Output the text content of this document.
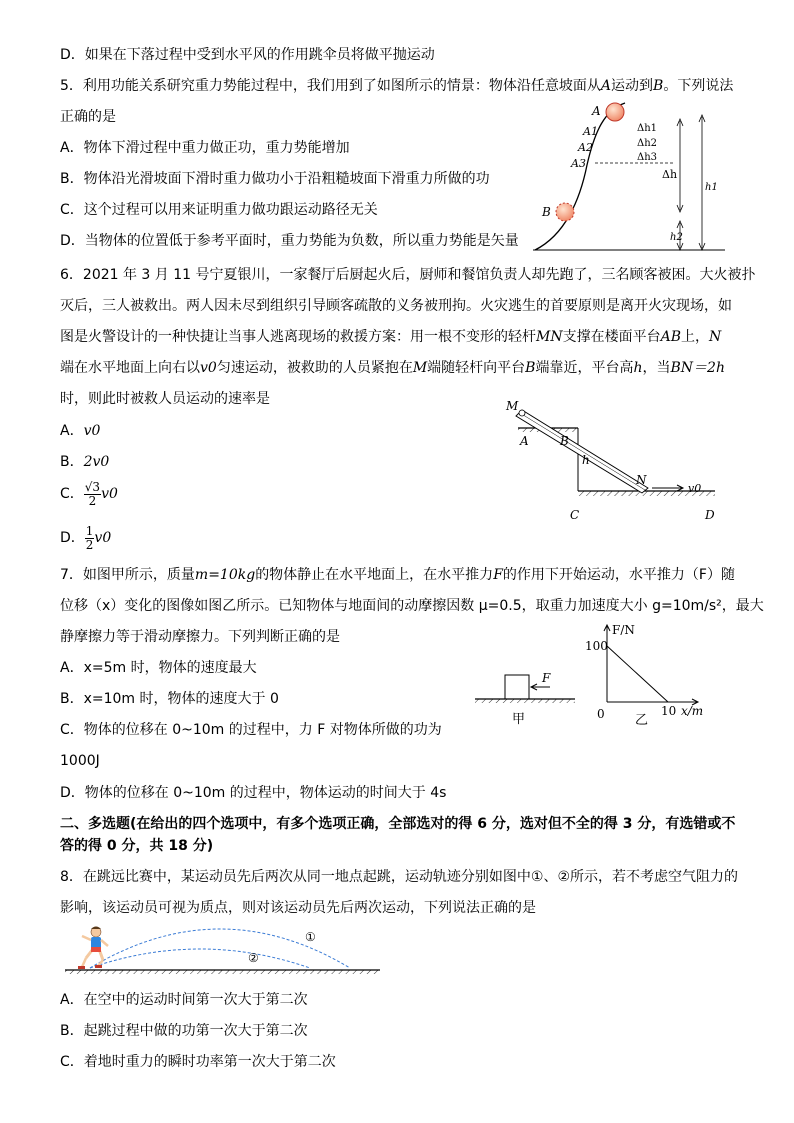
D．如果在下落过程中受到水平风的作用跳伞员将做平抛运动
5．利用功能关系研究重力势能过程中，我们用到了如图所示的情景：物体沿任意坡面从A运动到B。下列说法
正确的是
A．物体下滑过程中重力做正功，重力势能增加
B．物体沿光滑坡面下滑时重力做功小于沿粗糙坡面下滑重力所做的功
C．这个过程可以用来证明重力做功跟运动路径无关
D．当物体的位置低于参考平面时，重力势能为负数，所以重力势能是矢量
A
A1
A2
A3
B
Δh1
Δh2
Δh3
Δh
h2
h1
6．2021 年 3 月 11 号宁夏银川，一家餐厅后厨起火后，厨师和餐馆负责人却先跑了，三名顾客被困。大火被扑
灭后，三人被救出。两人因未尽到组织引导顾客疏散的义务被刑拘。火灾逃生的首要原则是离开火灾现场，如
图是火警设计的一种快捷让当事人逃离现场的救援方案：用一根不变形的轻杆MN支撑在楼面平台AB上，N
端在水平地面上向右以v0匀速运动，被救助的人员紧抱在M端随轻杆向平台B端靠近，平台高h，当BN＝2h
时，则此时被救人员运动的速率是
A．v0
B．2v0
C． $\frac{√3}{2} v0$
D． $\frac{1}{2} v0$
M
A	B
h
N
v0
C	D
7．如图甲所示，质量m=10kg的物体静止在水平地面上，在水平推力F的作用下开始运动，水平推力（F）随
位移（x）变化的图像如图乙所示。已知物体与地面间的动摩擦因数 μ=0.5，取重力加速度大小 g=10m/s²，最大
静摩擦力等于滑动摩擦力。下列判断正确的是
A．x=5m 时，物体的速度最大
B．x=10m 时，物体的速度大于 0
C．物体的位移在 0~10m 的过程中，力 F 对物体所做的功为
1000J
D．物体的位移在 0~10m 的过程中，物体运动的时间大于 4s
F
甲
F/N
100
0	10 x/m
乙
二、多选题(在给出的四个选项中，有多个选项正确，全部选对的得 6 分，选对但不全的得 3 分，有选错或不
答的得 0 分，共 18 分)
8．在跳远比赛中，某运动员先后两次从同一地点起跳，运动轨迹分别如图中①、②所示，若不考虑空气阻力的
影响，该运动员可视为质点，则对该运动员先后两次运动，下列说法正确的是
①
②
A．在空中的运动时间第一次大于第二次
B．起跳过程中做的功第一次大于第二次
C．着地时重力的瞬时功率第一次大于第二次
